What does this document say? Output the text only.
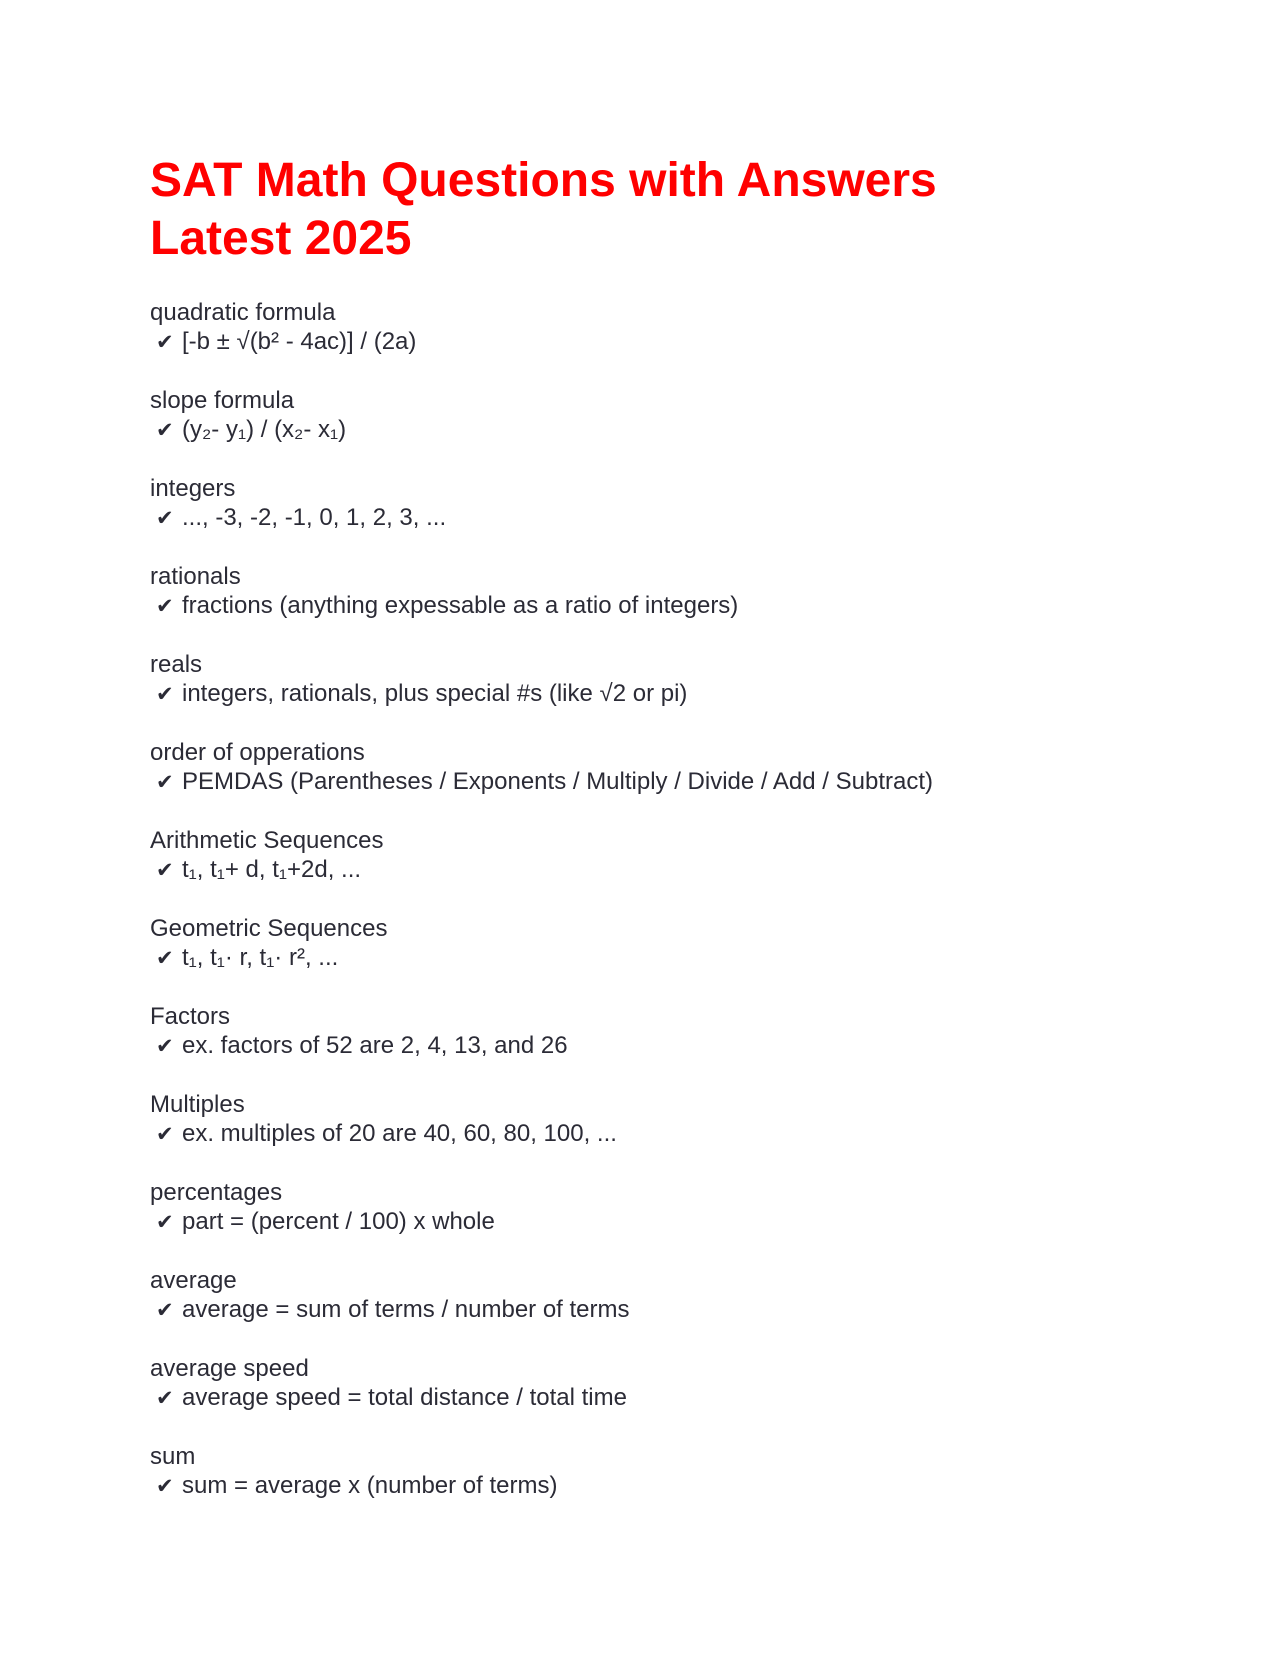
SAT Math Questions with Answers
Latest 2025
quadratic formula
✔ [-b ± √(b² - 4ac)] / (2a)
slope formula
✔ (y₂- y₁) / (x₂- x₁)
integers
✔ ..., -3, -2, -1, 0, 1, 2, 3, ...
rationals
✔ fractions (anything expessable as a ratio of integers)
reals
✔ integers, rationals, plus special #s (like √2 or pi)
order of opperations
✔ PEMDAS (Parentheses / Exponents / Multiply / Divide / Add / Subtract)
Arithmetic Sequences
✔ t₁, t₁+ d, t₁+2d, ...
Geometric Sequences
✔ t₁, t₁· r, t₁· r², ...
Factors
✔ ex. factors of 52 are 2, 4, 13, and 26
Multiples
✔ ex. multiples of 20 are 40, 60, 80, 100, ...
percentages
✔ part = (percent / 100) x whole
average
✔ average = sum of terms / number of terms
average speed
✔ average speed = total distance / total time
sum
✔ sum = average x (number of terms)
